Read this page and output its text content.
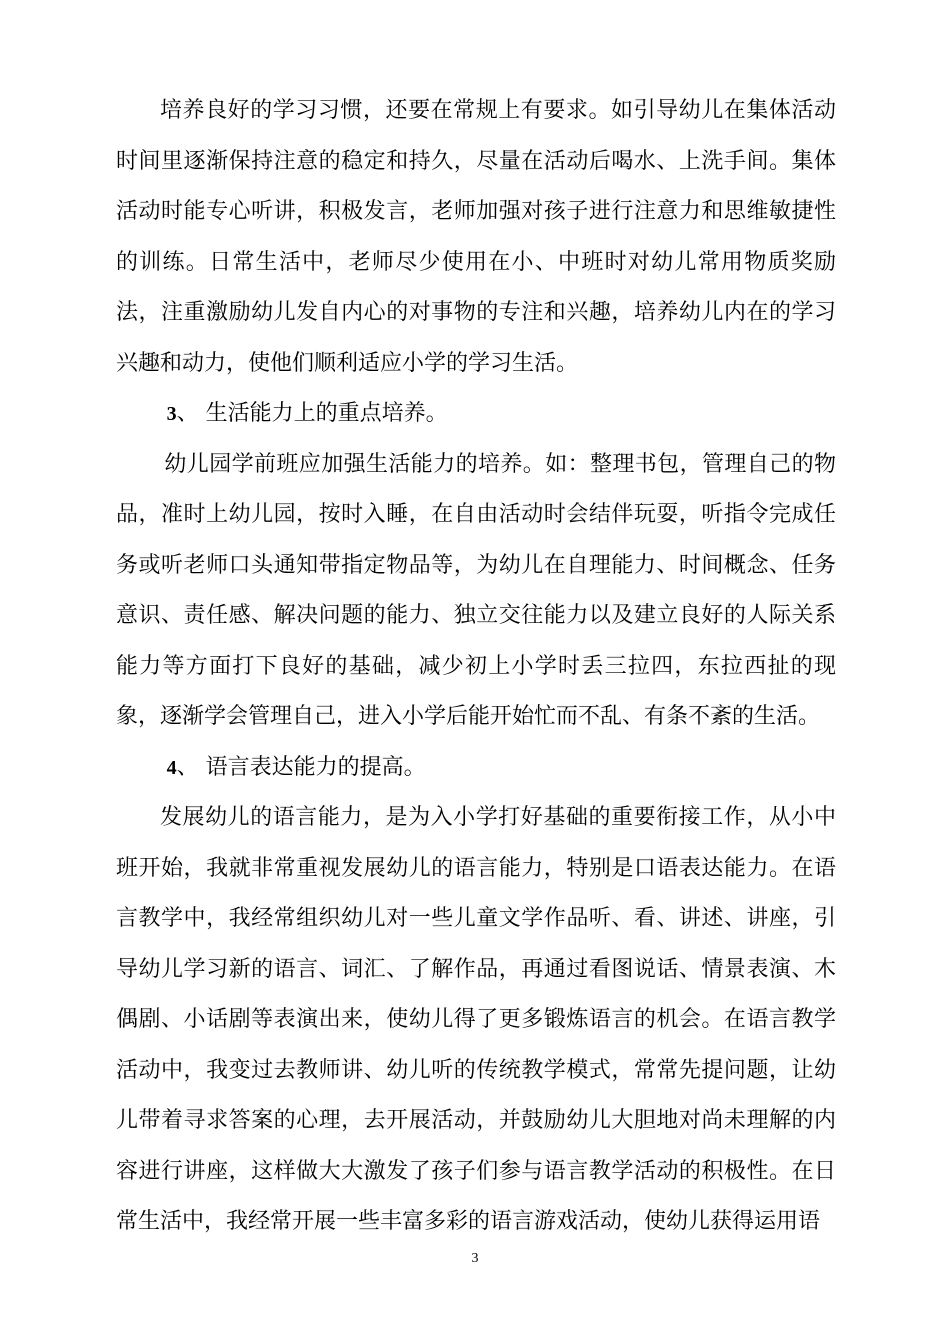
培养良好的学习习惯，还要在常规上有要求。如引导幼儿在集体活动时间里逐渐保持注意的稳定和持久，尽量在活动后喝水、上洗手间。集体活动时能专心听讲，积极发言，老师加强对孩子进行注意力和思维敏捷性的训练。日常生活中，老师尽少使用在小、中班时对幼儿常用物质奖励法，注重激励幼儿发自内心的对事物的专注和兴趣，培养幼儿内在的学习兴趣和动力，使他们顺利适应小学的学习生活。

3、 生活能力上的重点培养。

幼儿园学前班应加强生活能力的培养。如：整理书包，管理自己的物品，准时上幼儿园，按时入睡，在自由活动时会结伴玩耍，听指令完成任务或听老师口头通知带指定物品等，为幼儿在自理能力、时间概念、任务意识、责任感、解决问题的能力、独立交往能力以及建立良好的人际关系能力等方面打下良好的基础，减少初上小学时丢三拉四，东拉西扯的现象，逐渐学会管理自己，进入小学后能开始忙而不乱、有条不紊的生活。

4、 语言表达能力的提高。

发展幼儿的语言能力，是为入小学打好基础的重要衔接工作，从小中班开始，我就非常重视发展幼儿的语言能力，特别是口语表达能力。在语言教学中，我经常组织幼儿对一些儿童文学作品听、看、讲述、讲座，引导幼儿学习新的语言、词汇、了解作品，再通过看图说话、情景表演、木偶剧、小话剧等表演出来，使幼儿得了更多锻炼语言的机会。在语言教学活动中，我变过去教师讲、幼儿听的传统教学模式，常常先提问题，让幼儿带着寻求答案的心理，去开展活动，并鼓励幼儿大胆地对尚未理解的内容进行讲座，这样做大大激发了孩子们参与语言教学活动的积极性。在日常生活中，我经常开展一些丰富多彩的语言游戏活动，使幼儿获得运用语

3
